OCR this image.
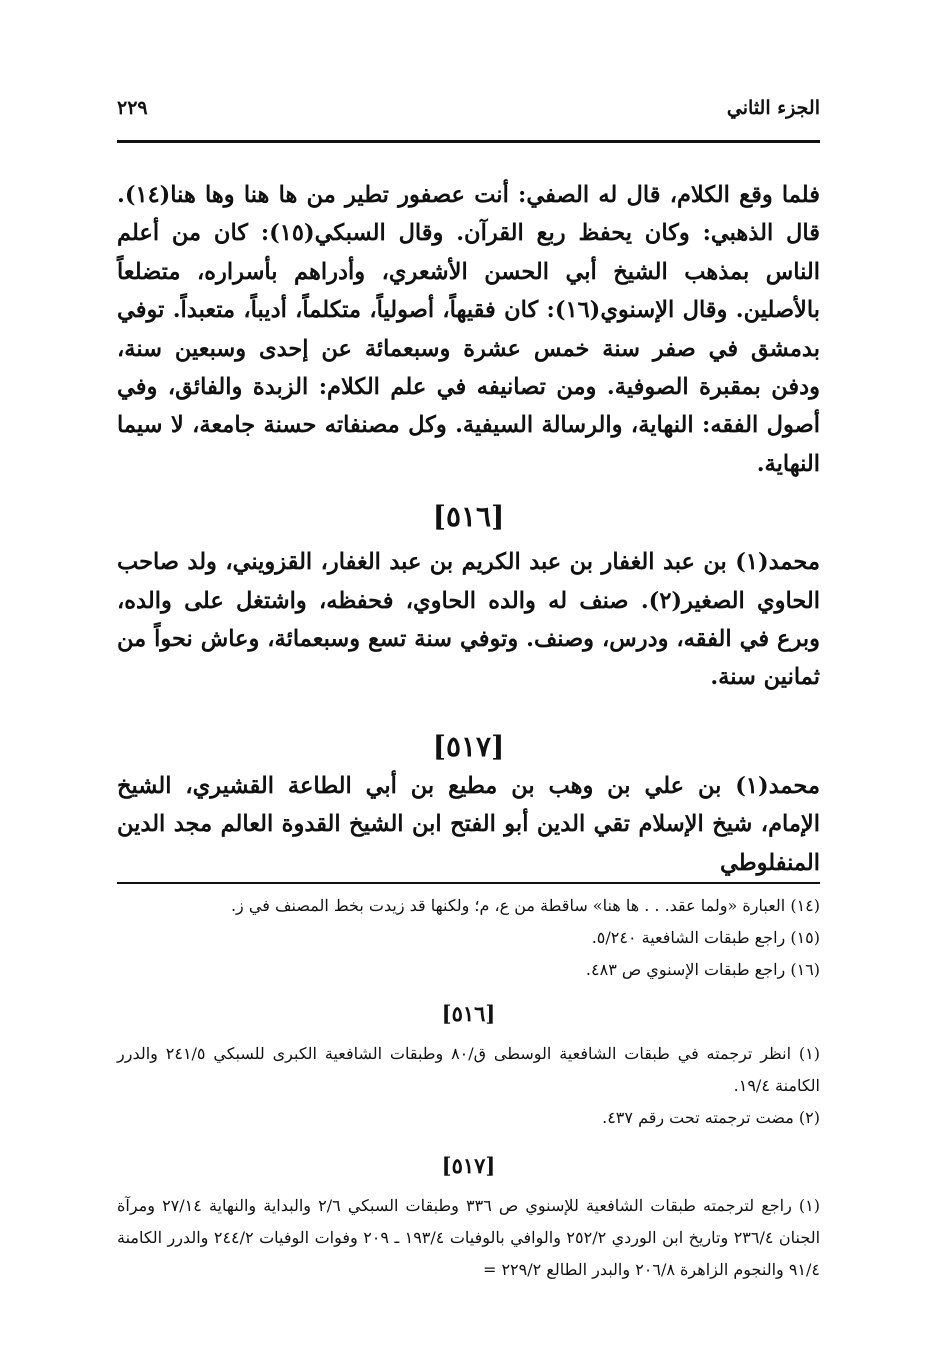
الجزء الثاني
٢٢٩

فلما وقع الكلام، قال له الصفي: أنت عصفور تطير من ها هنا وها هنا(١٤). قال الذهبي: وكان يحفظ ربع القرآن. وقال السبكي(١٥): كان من أعلم الناس بمذهب الشيخ أبي الحسن الأشعري، وأدراهم بأسراره، متضلعاً بالأصلين. وقال الإسنوي(١٦): كان فقيهاً، أصولياً، متكلماً، أديباً، متعبداً. توفي بدمشق في صفر سنة خمس عشرة وسبعمائة عن إحدى وسبعين سنة، ودفن بمقبرة الصوفية. ومن تصانيفه في علم الكلام: الزبدة والفائق، وفي أصول الفقه: النهاية، والرسالة السيفية. وكل مصنفاته حسنة جامعة، لا سيما النهاية.

[٥١٦]

محمد(١) بن عبد الغفار بن عبد الكريم بن عبد الغفار، القزويني، ولد صاحب الحاوي الصغير(٢). صنف له والده الحاوي، فحفظه، واشتغل على والده، وبرع في الفقه، ودرس، وصنف. وتوفي سنة تسع وسبعمائة، وعاش نحواً من ثمانين سنة.

[٥١٧]

محمد(١) بن علي بن وهب بن مطيع بن أبي الطاعة القشيري، الشيخ الإمام، شيخ الإسلام تقي الدين أبو الفتح ابن الشيخ القدوة العالم مجد الدين المنفلوطي

(١٤) العبارة «ولما عقد. . . ها هنا» ساقطة من ع، م؛ ولكنها قد زيدت بخط المصنف في ز.

(١٥) راجع طبقات الشافعية ٥/٢٤٠.

(١٦) راجع طبقات الإسنوي ص ٤٨٣.

[٥١٦]

(١) انظر ترجمته في طبقات الشافعية الوسطى ق/٨٠ وطبقات الشافعية الكبرى للسبكي ٢٤١/٥ والدرر الكامنة ١٩/٤.

(٢) مضت ترجمته تحت رقم ٤٣٧.

[٥١٧]

(١) راجع لترجمته طبقات الشافعية للإسنوي ص ٣٣٦ وطبقات السبكي ٢/٦ والبداية والنهاية ٢٧/١٤ ومرآة الجنان ٢٣٦/٤ وتاريخ ابن الوردي ٢٥٢/٢ والوافي بالوفيات ١٩٣/٤ ـ ٢٠٩ وفوات الوفيات ٢٤٤/٢ والدرر الكامنة ٩١/٤ والنجوم الزاهرة ٢٠٦/٨ والبدر الطالع ٢٢٩/٢ =
